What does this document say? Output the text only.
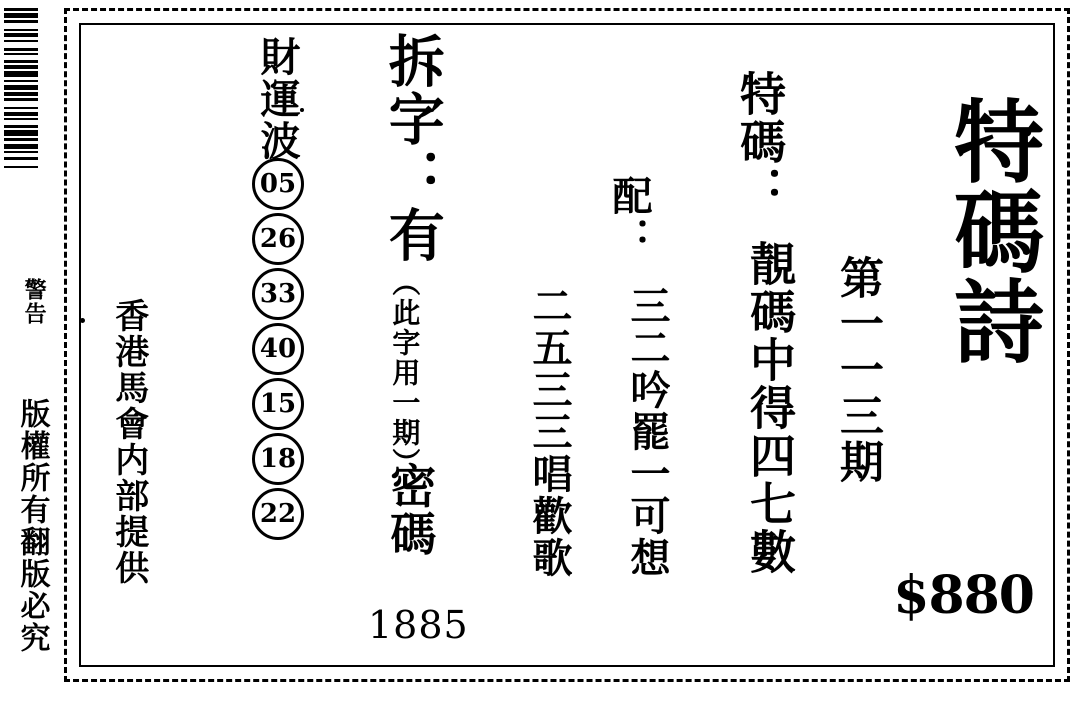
警告
版權所有翻版必究
特碼詩
$880
第一一三期
特碼：
靚碼中得四七數
配：
三二吟罷一可想
二五三三唱歡歌
拆字：有
（此字用一期）
密碼
1885
財運波
05
26
33
40
15
18
22
香港馬會内部提供
